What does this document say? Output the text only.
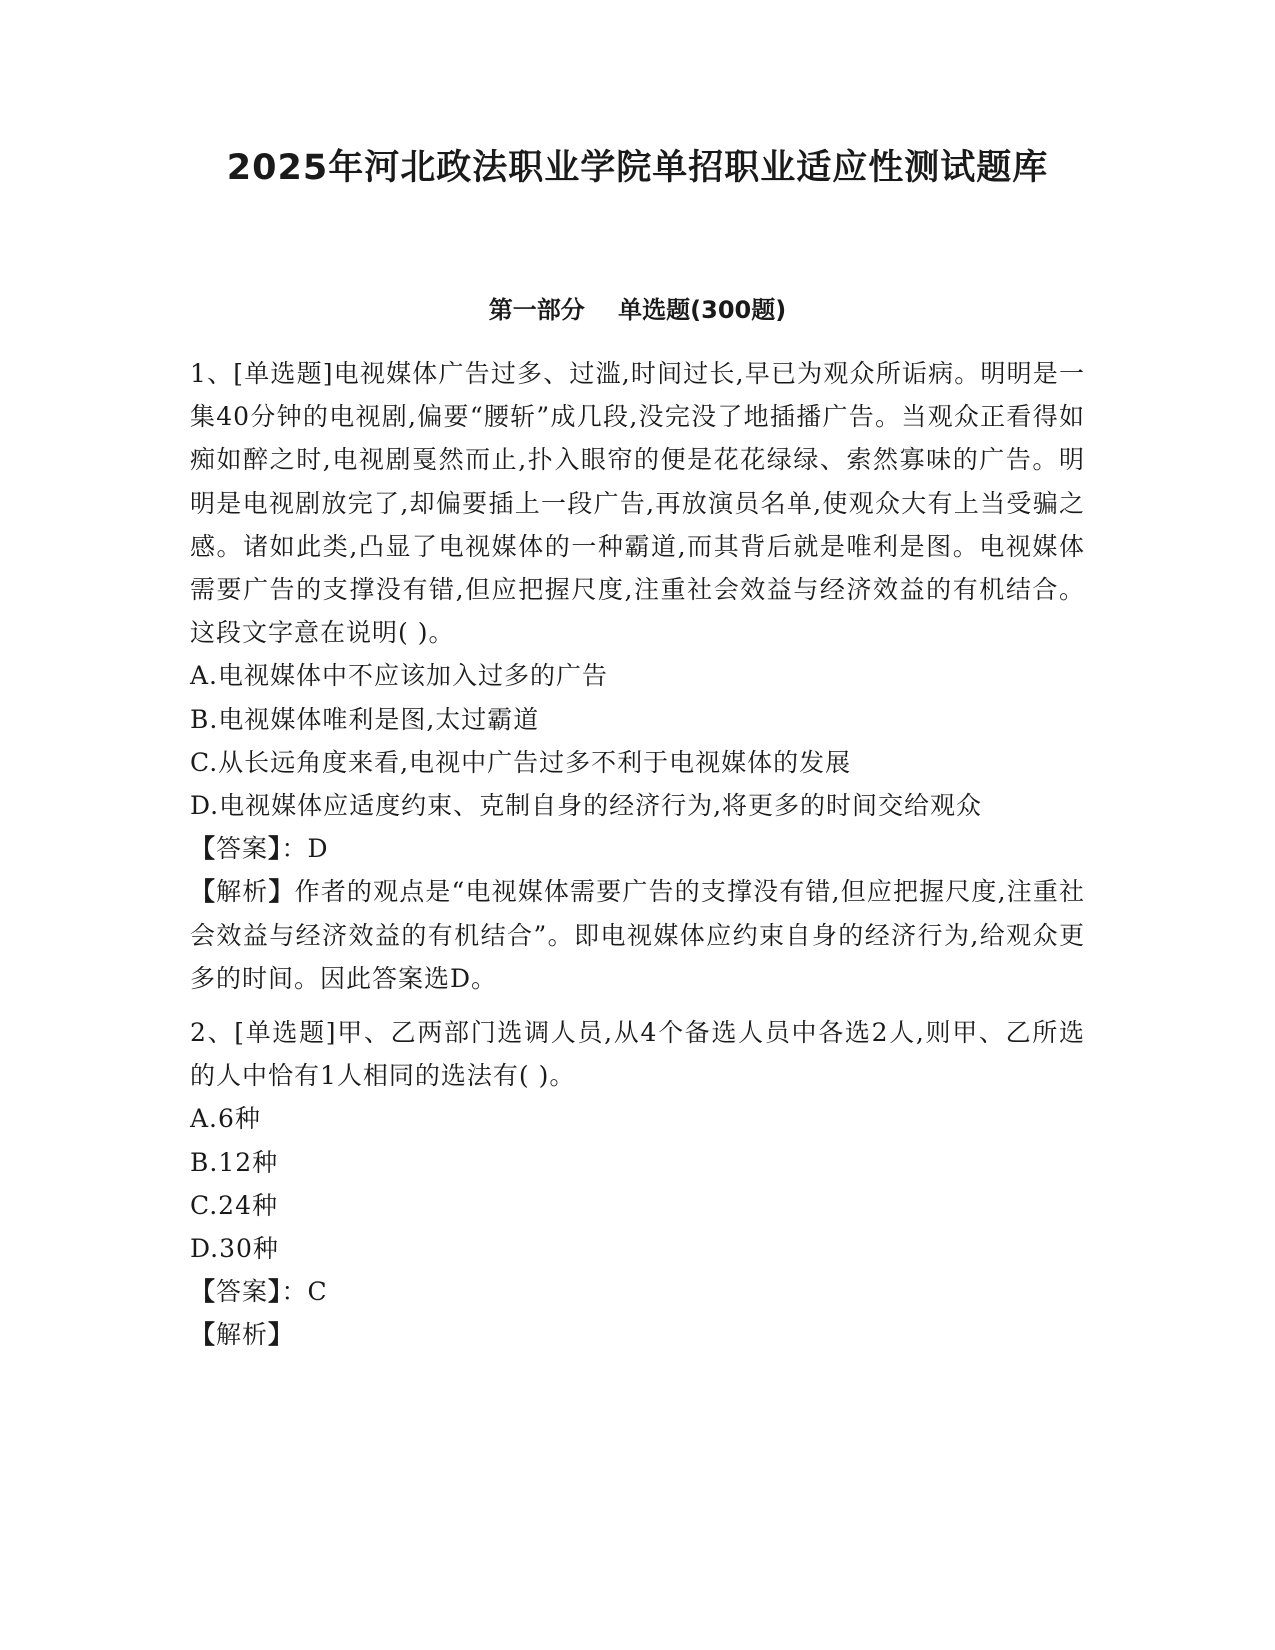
2025年河北政法职业学院单招职业适应性测试题库
第一部分    单选题(300题)

1、[单选题]电视媒体广告过多、过滥,时间过长,早已为观众所诟病。明明是一集40分钟的电视剧,偏要“腰斩”成几段,没完没了地插播广告。当观众正看得如痴如醉之时,电视剧戛然而止,扑入眼帘的便是花花绿绿、索然寡味的广告。明明是电视剧放完了,却偏要插上一段广告,再放演员名单,使观众大有上当受骗之感。诸如此类,凸显了电视媒体的一种霸道,而其背后就是唯利是图。电视媒体需要广告的支撑没有错,但应把握尺度,注重社会效益与经济效益的有机结合。这段文字意在说明( )。

A.电视媒体中不应该加入过多的广告

B.电视媒体唯利是图,太过霸道

C.从长远角度来看,电视中广告过多不利于电视媒体的发展

D.电视媒体应适度约束、克制自身的经济行为,将更多的时间交给观众

【答案】：D

【解析】作者的观点是“电视媒体需要广告的支撑没有错,但应把握尺度,注重社会效益与经济效益的有机结合”。即电视媒体应约束自身的经济行为,给观众更多的时间。因此答案选D。

2、[单选题]甲、乙两部门选调人员,从4个备选人员中各选2人,则甲、乙所选的人中恰有1人相同的选法有( )。

A.6种

B.12种

C.24种

D.30种

【答案】：C

【解析】
